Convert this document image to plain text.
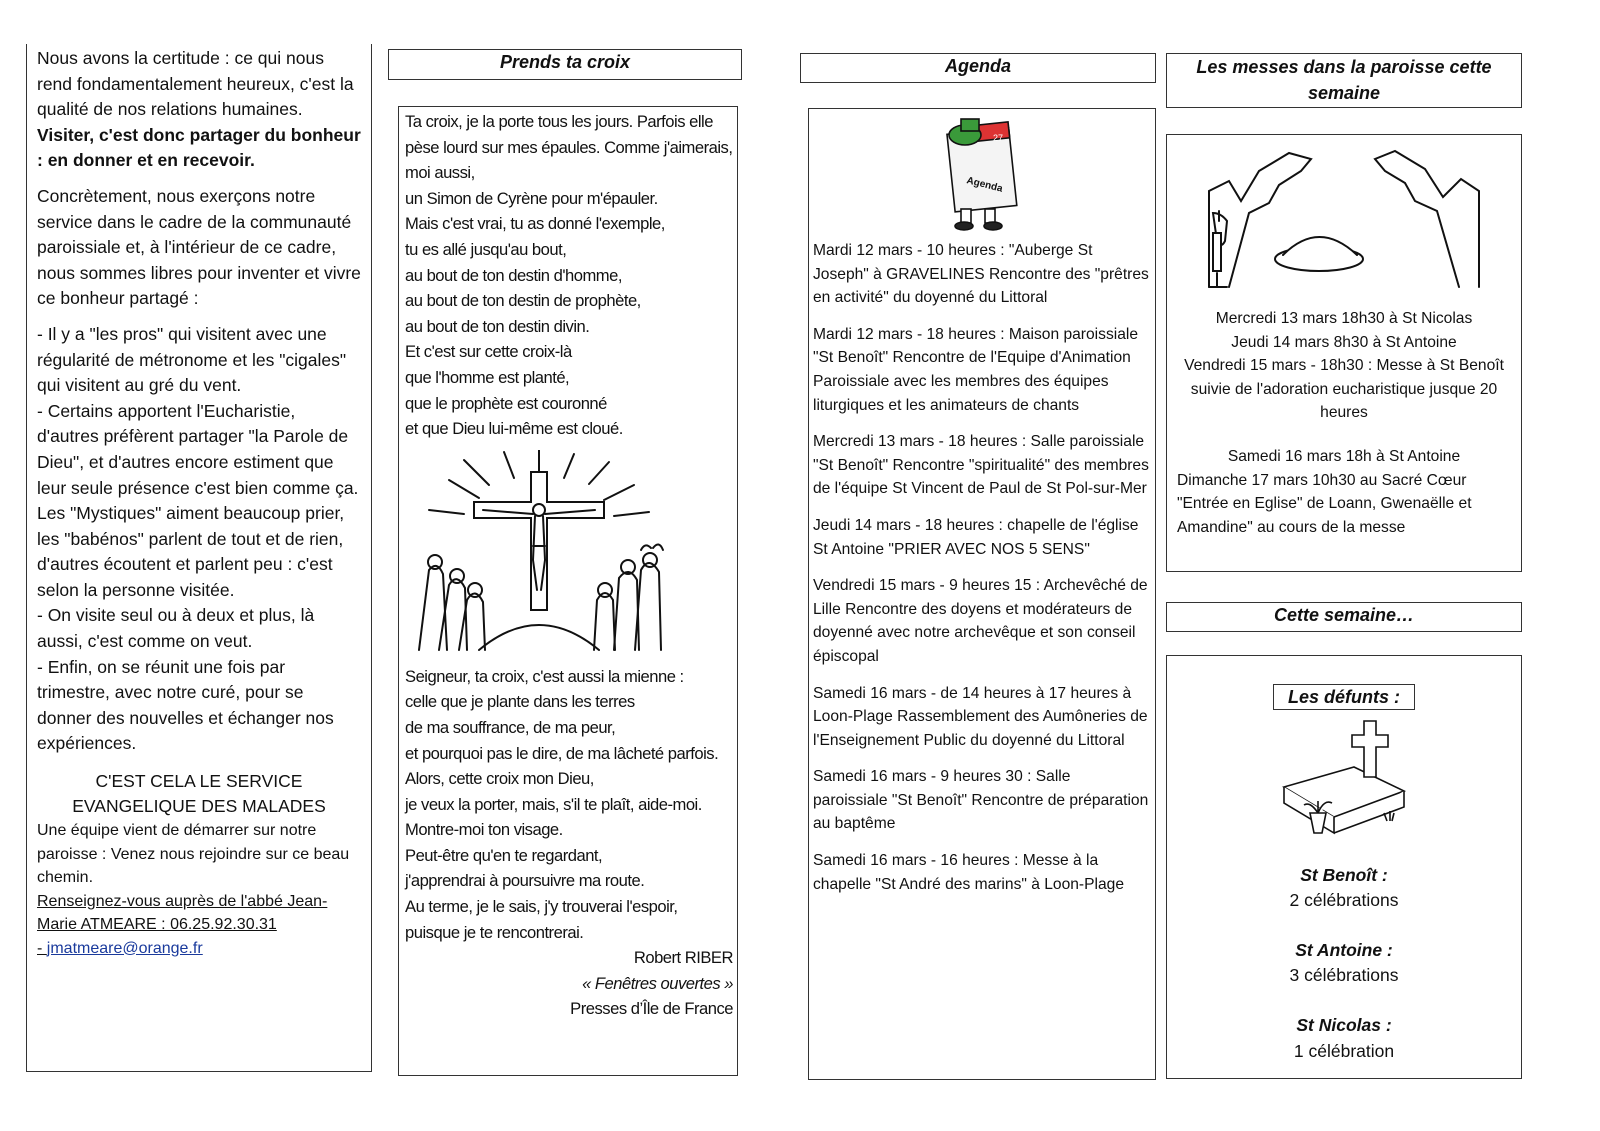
Nous avons la certitude : ce qui nous rend fondamentalement heureux, c'est la qualité de nos relations humaines. Visiter, c'est donc partager du bonheur : en donner et en recevoir.

Concrètement, nous exerçons notre service dans le cadre de la communauté paroissiale et, à l'intérieur de ce cadre, nous sommes libres pour inventer et vivre ce bonheur partagé :

- Il y a "les pros" qui visitent avec une régularité de métronome et les "cigales" qui visitent au gré du vent.

- Certains apportent l'Eucharistie, d'autres préfèrent partager "la Parole de Dieu", et d'autres encore estiment que leur seule présence c'est bien comme ça. Les "Mystiques" aiment beaucoup prier, les "babénos" parlent de tout et de rien, d'autres écoutent et parlent peu : c'est selon la personne visitée.

- On visite seul ou à deux et plus, là aussi, c'est comme on veut.

- Enfin, on se réunit une fois par trimestre, avec notre curé, pour se donner des nouvelles et échanger nos expériences.

C'EST CELA LE SERVICE EVANGELIQUE DES MALADES

Une équipe vient de démarrer sur notre paroisse : Venez nous rejoindre sur ce beau chemin.

Renseignez-vous auprès de l'abbé Jean-Marie ATMEARE : 06.25.92.30.31

- jmatmeare@orange.fr

Prends ta croix

Ta croix, je la porte tous les jours. Parfois elle pèse lourd sur mes épaules. Comme j'aimerais, moi aussi,

un Simon de Cyrène pour m'épauler.

Mais c'est vrai, tu as donné l'exemple,

tu es allé jusqu'au bout,

au bout de ton destin d'homme,

au bout de ton destin de prophète,

au bout de ton destin divin.

Et c'est sur cette croix-là

que l'homme est planté,

que le prophète est couronné

et que Dieu lui-même est cloué.

Seigneur, ta croix, c'est aussi la mienne :

celle que je plante dans les terres

de ma souffrance, de ma peur,

et pourquoi pas le dire, de ma lâcheté parfois.

Alors, cette croix mon Dieu,

je veux la porter, mais, s'il te plaît, aide-moi.

Montre-moi ton visage.

Peut-être qu'en te regardant,

j'apprendrai à poursuivre ma route.

Au terme, je le sais, j'y trouverai l'espoir, puisque je te rencontrerai.

Robert RIBER

« Fenêtres ouvertes »

Presses d’Île de France

Agenda
27
Agenda

Mardi 12 mars - 10 heures : "Auberge St Joseph" à GRAVELINES Rencontre des "prêtres en activité" du doyenné du Littoral

Mardi 12 mars - 18 heures : Maison paroissiale "St Benoît" Rencontre de l'Equipe d'Animation Paroissiale avec les membres des équipes liturgiques et les animateurs de chants

Mercredi 13 mars - 18 heures : Salle paroissiale "St Benoît" Rencontre "spiritualité" des membres de l'équipe St Vincent de Paul de St Pol-sur-Mer

Jeudi 14 mars - 18 heures : chapelle de l'église St Antoine "PRIER AVEC NOS 5 SENS"

Vendredi 15 mars - 9 heures 15 : Archevêché de Lille Rencontre des doyens et modérateurs de doyenné avec notre archevêque et son conseil épiscopal

Samedi 16 mars - de 14 heures à 17 heures à Loon-Plage Rassemblement des Aumôneries de l'Enseignement Public du doyenné du Littoral

Samedi 16 mars - 9 heures 30 : Salle paroissiale "St Benoît" Rencontre de préparation au baptême

Samedi 16 mars - 16 heures : Messe à la chapelle "St André des marins" à Loon-Plage

Les messes dans la paroisse cette semaine

Mercredi 13 mars 18h30 à St Nicolas

Jeudi 14 mars 8h30 à St Antoine

Vendredi 15 mars - 18h30 : Messe à St Benoît suivie de l'adoration eucharistique jusque 20 heures

Samedi 16 mars 18h à St Antoine

Dimanche 17 mars 10h30 au Sacré Cœur "Entrée en Eglise" de Loann, Gwenaëlle et Amandine" au cours de la messe

Cette semaine…
Les défunts :

St Benoît :

2 célébrations

St Antoine :

3 célébrations

St Nicolas :

1 célébration
